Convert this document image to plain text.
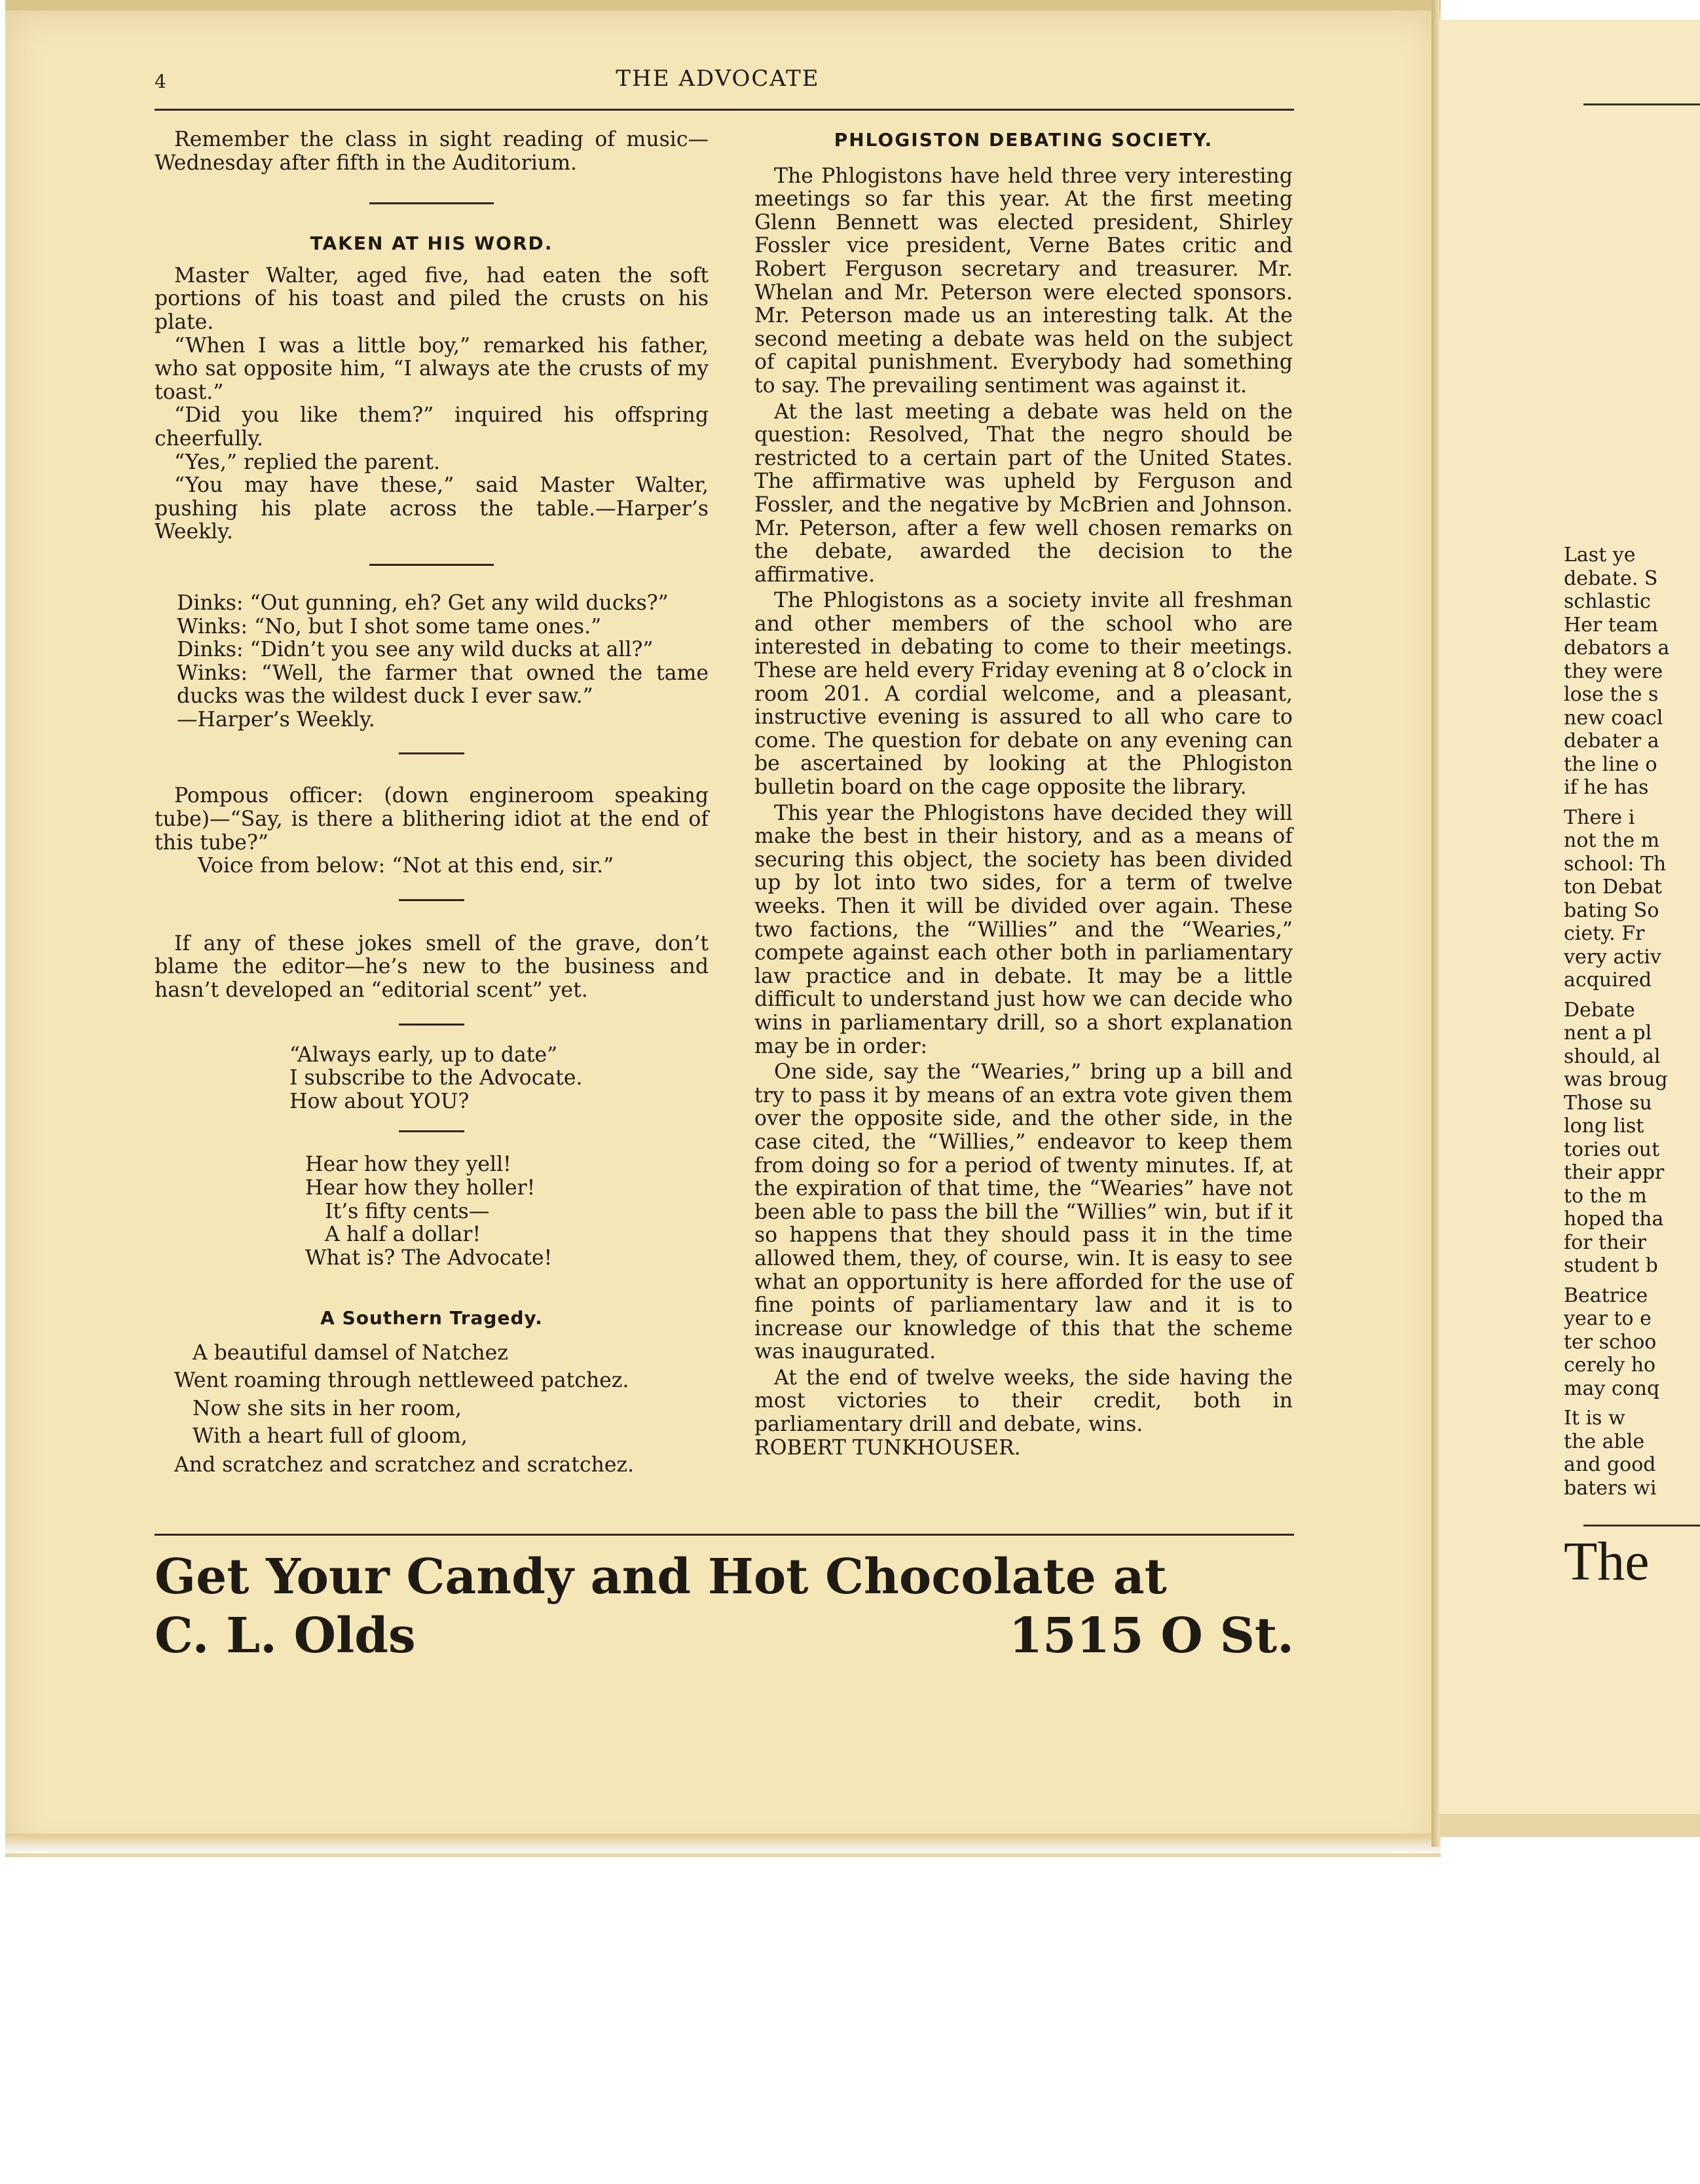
Last ye
debate. S
schlastic
Her team
debators a
they were
lose the s
new coacl
debater a
the line o
if he has

There i
not the m
school: Th
ton Debat
bating So
ciety. Fr
very activ
acquired

Debate
nent a pl
should, al
was broug
Those su
long list
tories out
their appr
to the m
hoped tha
for their
student b

Beatrice
year to e
ter schoo
cerely ho
may conq

It is w
the able
and good
baters wi
The
4	THE ADVOCATE

Remember the class in sight reading of music—Wednesday after fifth in the Auditorium.

TAKEN AT HIS WORD.

Master Walter, aged five, had eaten the soft portions of his toast and piled the crusts on his plate.

“When I was a little boy,” remarked his father, who sat opposite him, “I always ate the crusts of my toast.”

“Did you like them?” inquired his offspring cheerfully.

“Yes,” replied the parent.

“You may have these,” said Master Walter, pushing his plate across the table.—Harper’s Weekly.

Dinks: “Out gunning, eh? Get any wild ducks?”

Winks: “No, but I shot some tame ones.”

Dinks: “Didn’t you see any wild ducks at all?”

Winks: “Well, the farmer that owned the tame ducks was the wildest duck I ever saw.”

—Harper’s Weekly.

Pompous officer: (down engineroom speaking tube)—“Say, is there a blithering idiot at the end of this tube?”

Voice from below: “Not at this end, sir.”

If any of these jokes smell of the grave, don’t blame the editor—he’s new to the business and hasn’t developed an “editorial scent” yet.

“Always early, up to date”

I subscribe to the Advocate.

How about YOU?

Hear how they yell!

Hear how they holler!

It’s fifty cents—

A half a dollar!

What is? The Advocate!

A Southern Tragedy.

A beautiful damsel of Natchez

Went roaming through nettleweed patchez.

Now she sits in her room,

With a heart full of gloom,

And scratchez and scratchez and scratchez.

PHLOGISTON DEBATING SOCIETY.

The Phlogistons have held three very interesting meetings so far this year. At the first meeting Glenn Bennett was elected president, Shirley Fossler vice president, Verne Bates critic and Robert Ferguson secretary and treasurer. Mr. Whelan and Mr. Peterson were elected sponsors. Mr. Peterson made us an interesting talk. At the second meeting a debate was held on the subject of capital punishment. Everybody had something to say. The prevailing sentiment was against it.

At the last meeting a debate was held on the question: Resolved, That the negro should be restricted to a certain part of the United States. The affirmative was upheld by Ferguson and Fossler, and the negative by McBrien and Johnson. Mr. Peterson, after a few well chosen remarks on the debate, awarded the decision to the affirmative.

The Phlogistons as a society invite all freshman and other members of the school who are interested in debating to come to their meetings. These are held every Friday evening at 8 o’clock in room 201. A cordial welcome, and a pleasant, instructive evening is assured to all who care to come. The question for debate on any evening can be ascertained by looking at the Phlogiston bulletin board on the cage opposite the library.

This year the Phlogistons have decided they will make the best in their history, and as a means of securing this object, the society has been divided up by lot into two sides, for a term of twelve weeks. Then it will be divided over again. These two factions, the “Willies” and the “Wearies,” compete against each other both in parliamentary law practice and in debate. It may be a little difficult to understand just how we can decide who wins in parliamentary drill, so a short explanation may be in order:

One side, say the “Wearies,” bring up a bill and try to pass it by means of an extra vote given them over the opposite side, and the other side, in the case cited, the “Willies,” endeavor to keep them from doing so for a period of twenty minutes. If, at the expiration of that time, the “Wearies” have not been able to pass the bill the “Willies” win, but if it so happens that they should pass it in the time allowed them, they, of course, win. It is easy to see what an opportunity is here afforded for the use of fine points of parliamentary law and it is to increase our knowledge of this that the scheme was inaugurated.

At the end of twelve weeks, the side having the most victories to their credit, both in parliamentary drill and debate, wins.

ROBERT TUNKHOUSER.

Get Your Candy and Hot Chocolate at
C. L. Olds	1515 O St.
